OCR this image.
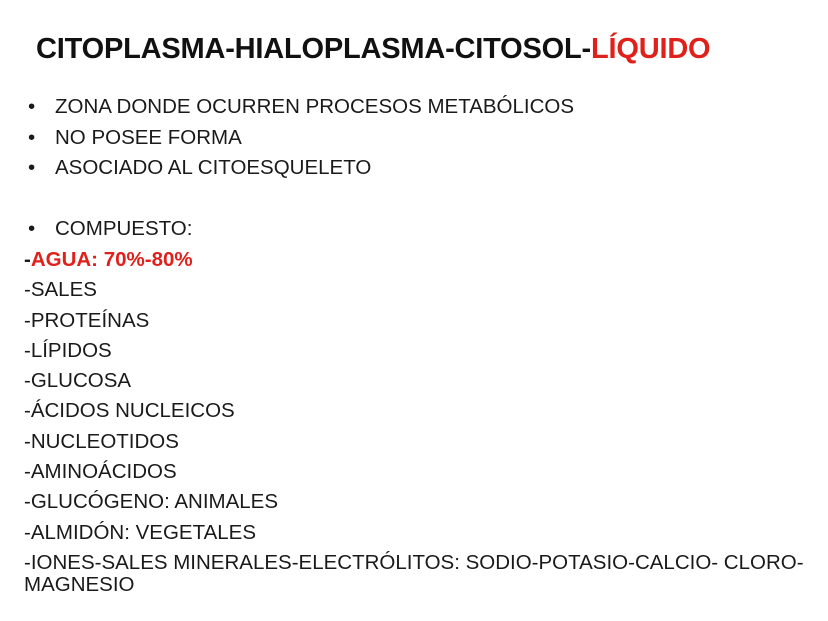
CITOPLASMA-HIALOPLASMA-CITOSOL-LÍQUIDO
• ZONA DONDE OCURREN PROCESOS METABÓLICOS
• NO POSEE FORMA
• ASOCIADO AL CITOESQUELETO
• COMPUESTO:
-AGUA: 70%-80%
-SALES
-PROTEÍNAS
-LÍPIDOS
-GLUCOSA
-ÁCIDOS NUCLEICOS
-NUCLEOTIDOS
-AMINOÁCIDOS
-GLUCÓGENO: ANIMALES
-ALMIDÓN: VEGETALES
-IONES-SALES MINERALES-ELECTRÓLITOS: SODIO-POTASIO-CALCIO- CLORO-MAGNESIO
